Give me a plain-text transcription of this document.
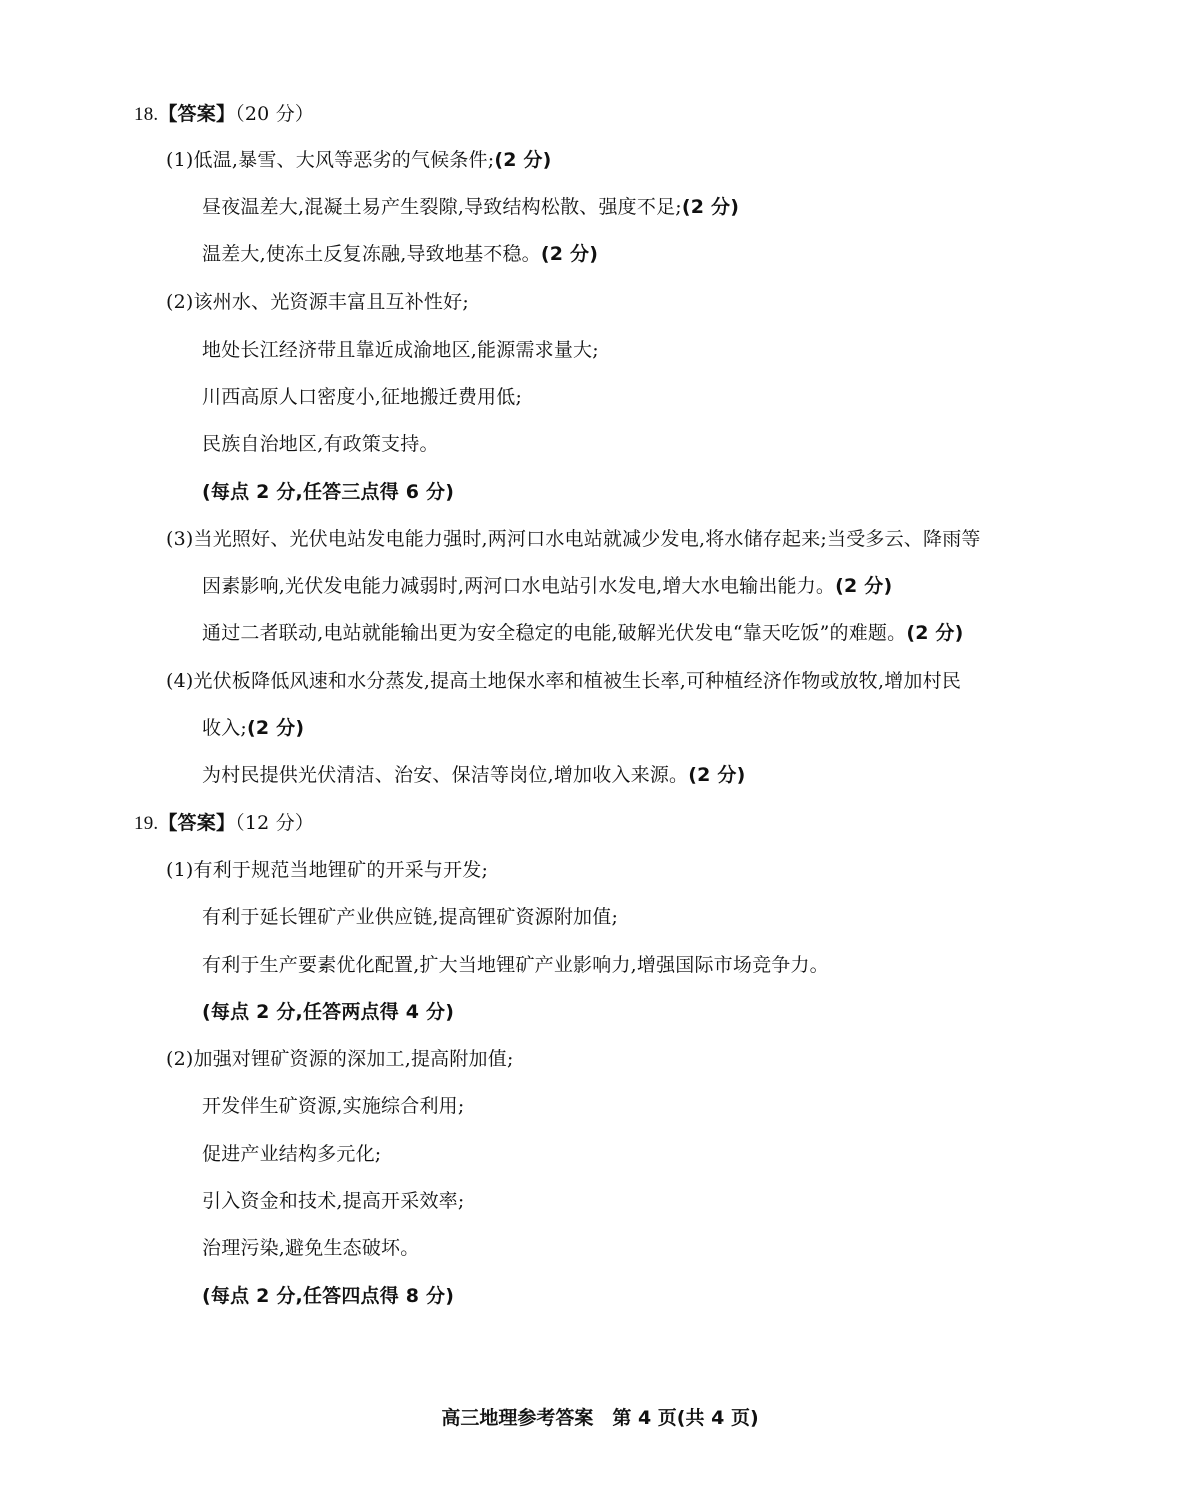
18.【答案】（20 分）
(1)低温,暴雪、大风等恶劣的气候条件;(2 分)
昼夜温差大,混凝土易产生裂隙,导致结构松散、强度不足;(2 分)
温差大,使冻土反复冻融,导致地基不稳。(2 分)
(2)该州水、光资源丰富且互补性好;
地处长江经济带且靠近成渝地区,能源需求量大;
川西高原人口密度小,征地搬迁费用低;
民族自治地区,有政策支持。
(每点 2 分,任答三点得 6 分)
(3)当光照好、光伏电站发电能力强时,两河口水电站就减少发电,将水储存起来;当受多云、降雨等
因素影响,光伏发电能力减弱时,两河口水电站引水发电,增大水电输出能力。(2 分)
通过二者联动,电站就能输出更为安全稳定的电能,破解光伏发电“靠天吃饭”的难题。(2 分)
(4)光伏板降低风速和水分蒸发,提高土地保水率和植被生长率,可种植经济作物或放牧,增加村民
收入;(2 分)
为村民提供光伏清洁、治安、保洁等岗位,增加收入来源。(2 分)
19.【答案】（12 分）
(1)有利于规范当地锂矿的开采与开发;
有利于延长锂矿产业供应链,提高锂矿资源附加值;
有利于生产要素优化配置,扩大当地锂矿产业影响力,增强国际市场竞争力。
(每点 2 分,任答两点得 4 分)
(2)加强对锂矿资源的深加工,提高附加值;
开发伴生矿资源,实施综合利用;
促进产业结构多元化;
引入资金和技术,提高开采效率;
治理污染,避免生态破坏。
(每点 2 分,任答四点得 8 分)
高三地理参考答案　第 4 页(共 4 页)
